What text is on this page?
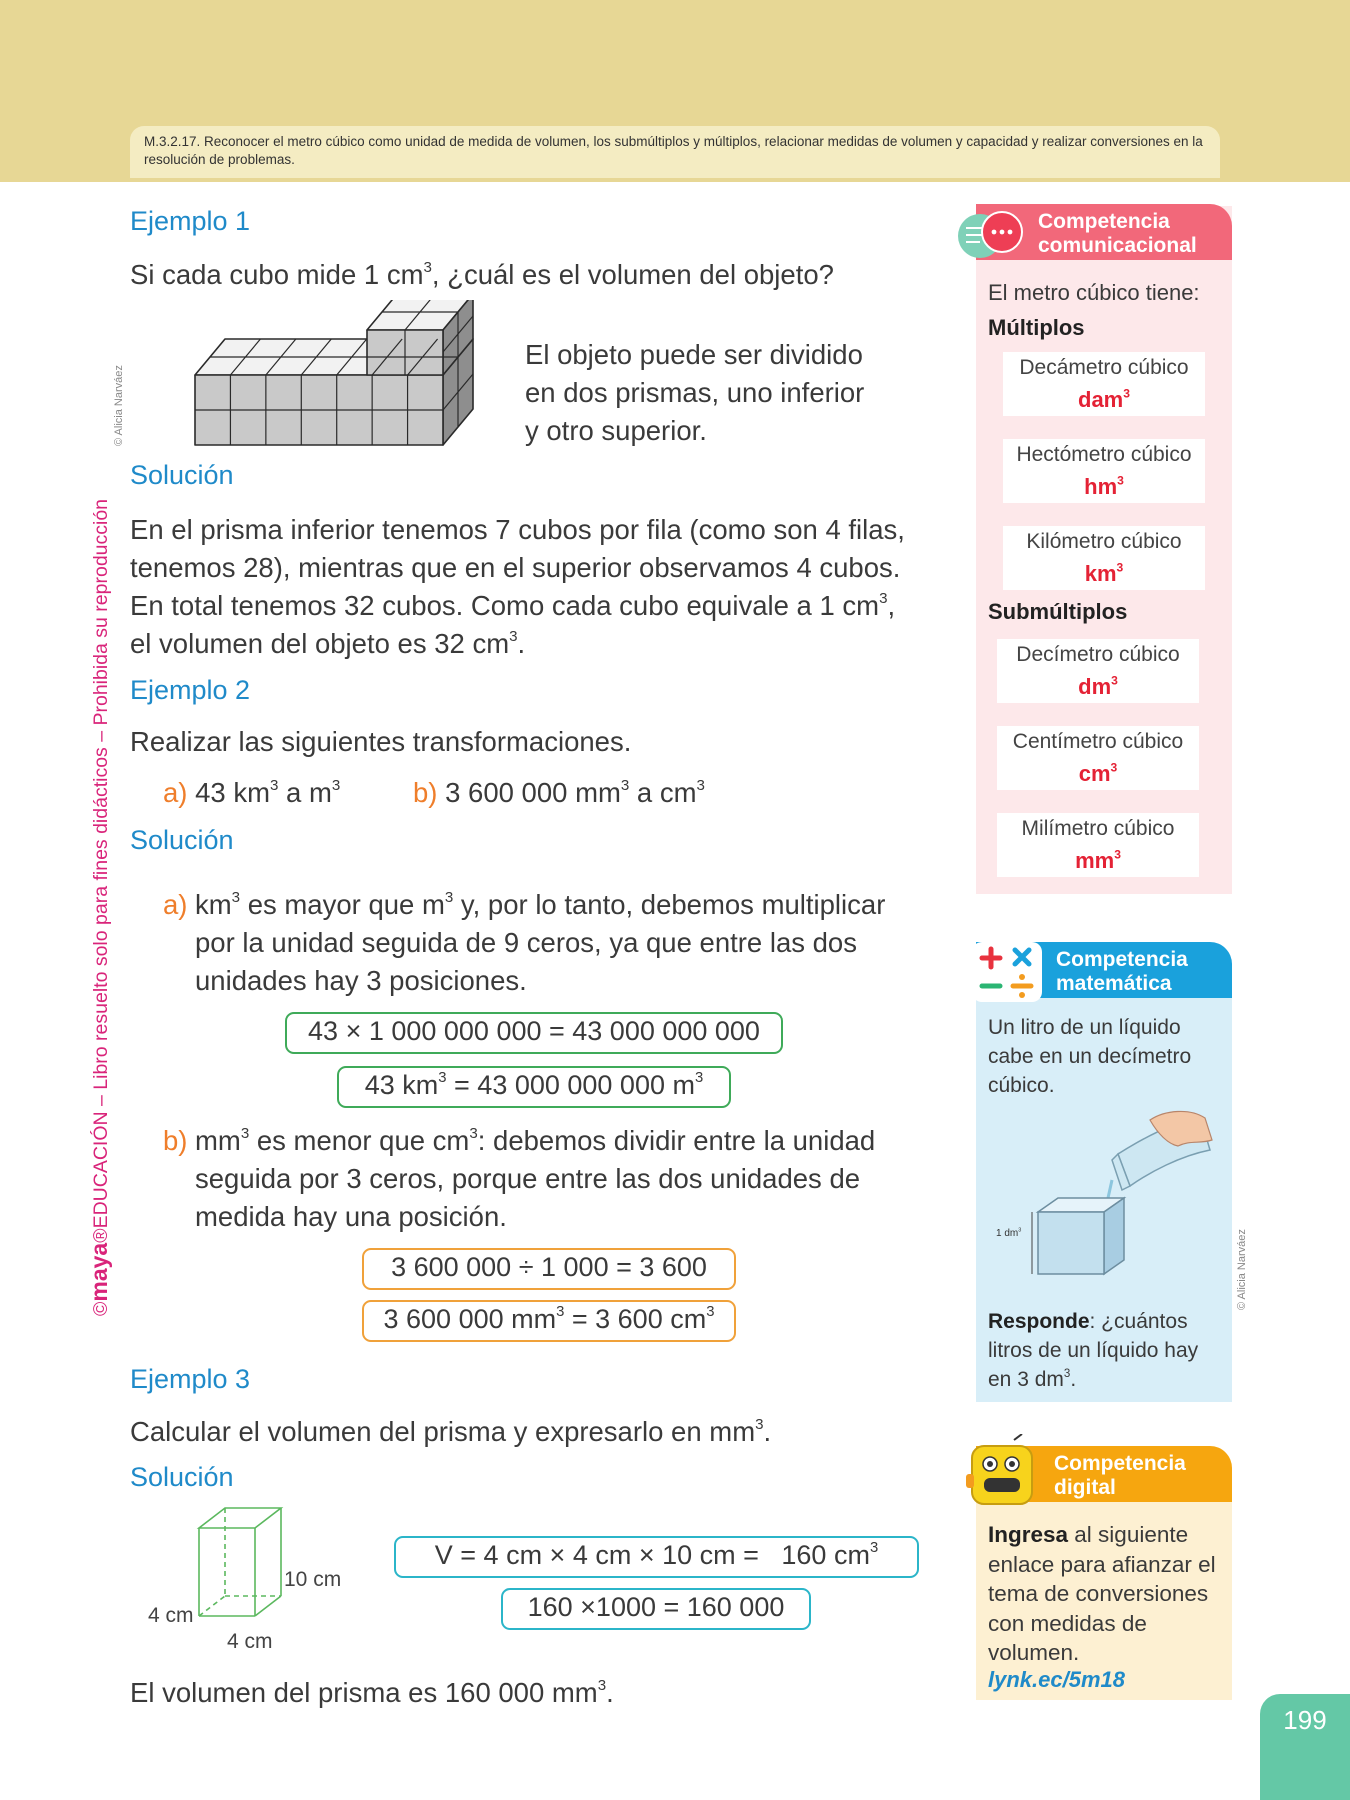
M.3.2.17. Reconocer el metro cúbico como unidad de medida de volumen, los submúltiplos y múltiplos, relacionar medidas de volumen y capacidad y realizar conversiones en la resolución de problemas.
©maya®EDUCACIÓN – Libro resuelto solo para fines didácticos – Prohibida su reproducción
© Alicia Narváez
© Alicia Narváez
Ejemplo 1
Si cada cubo mide 1 $cm^3$, ¿cuál es el volumen del objeto?
El objeto puede ser dividido
en dos prismas, uno inferior
y otro superior.
Solución
En el prisma inferior tenemos 7 cubos por fila (como son 4 filas,
tenemos 28), mientras que en el superior observamos 4 cubos.
En total tenemos 32 cubos. Como cada cubo equivale a 1 $cm^3$,
el volumen del objeto es 32 $cm^3$.
Ejemplo 2
Realizar las siguientes transformaciones.
a) 43 $km^3$ a $m^3$	b) 3 600 000 $mm^3$ a $cm^3$
Solución
a) $km^3$ es mayor que $m^3$ y, por lo tanto, debemos multiplicar
por la unidad seguida de 9 ceros, ya que entre las dos
unidades hay 3 posiciones.
43 × 1 000 000 000 = 43 000 000 000
43 $km^3 = 43$ 000 000 000 $m^3$
b) $mm^3$ es menor que $cm^3$: debemos dividir entre la unidad
seguida por 3 ceros, porque entre las dos unidades de
medida hay una posición.
3 600 000 ÷ 1 000 = 3 600
3 600 000 $mm^3 = 3$ 600 $cm^3$
Ejemplo 3
Calcular el volumen del prisma y expresarlo en $mm^3$.
Solución
10 cm
4 cm
4 cm
V = 4 cm × 4 cm × 10 cm =   160 $cm^3$
160 ×1000 = 160 000
El volumen del prisma es 160 000 $mm^3$.
Competencia
comunicacional
El metro cúbico tiene:
Múltiplos
Decámetro cúbico
dam$^3$
Hectómetro cúbico
$hm^3$
Kilómetro cúbico
$km^3$
Submúltiplos
Decímetro cúbico
$dm^3$
Centímetro cúbico
$cm^3$
Milímetro cúbico
$mm^3$
Competencia
matemática
Un litro de un líquido
cabe en un decímetro
cúbico.
1 $dm^3$
Responde: ¿cuántos
litros de un líquido hay
en 3 $dm^3$.
Competencia
digital
Ingresa al siguiente
enlace para afianzar el
tema de conversiones
con medidas de
volumen.
lynk.ec/5m18
199
